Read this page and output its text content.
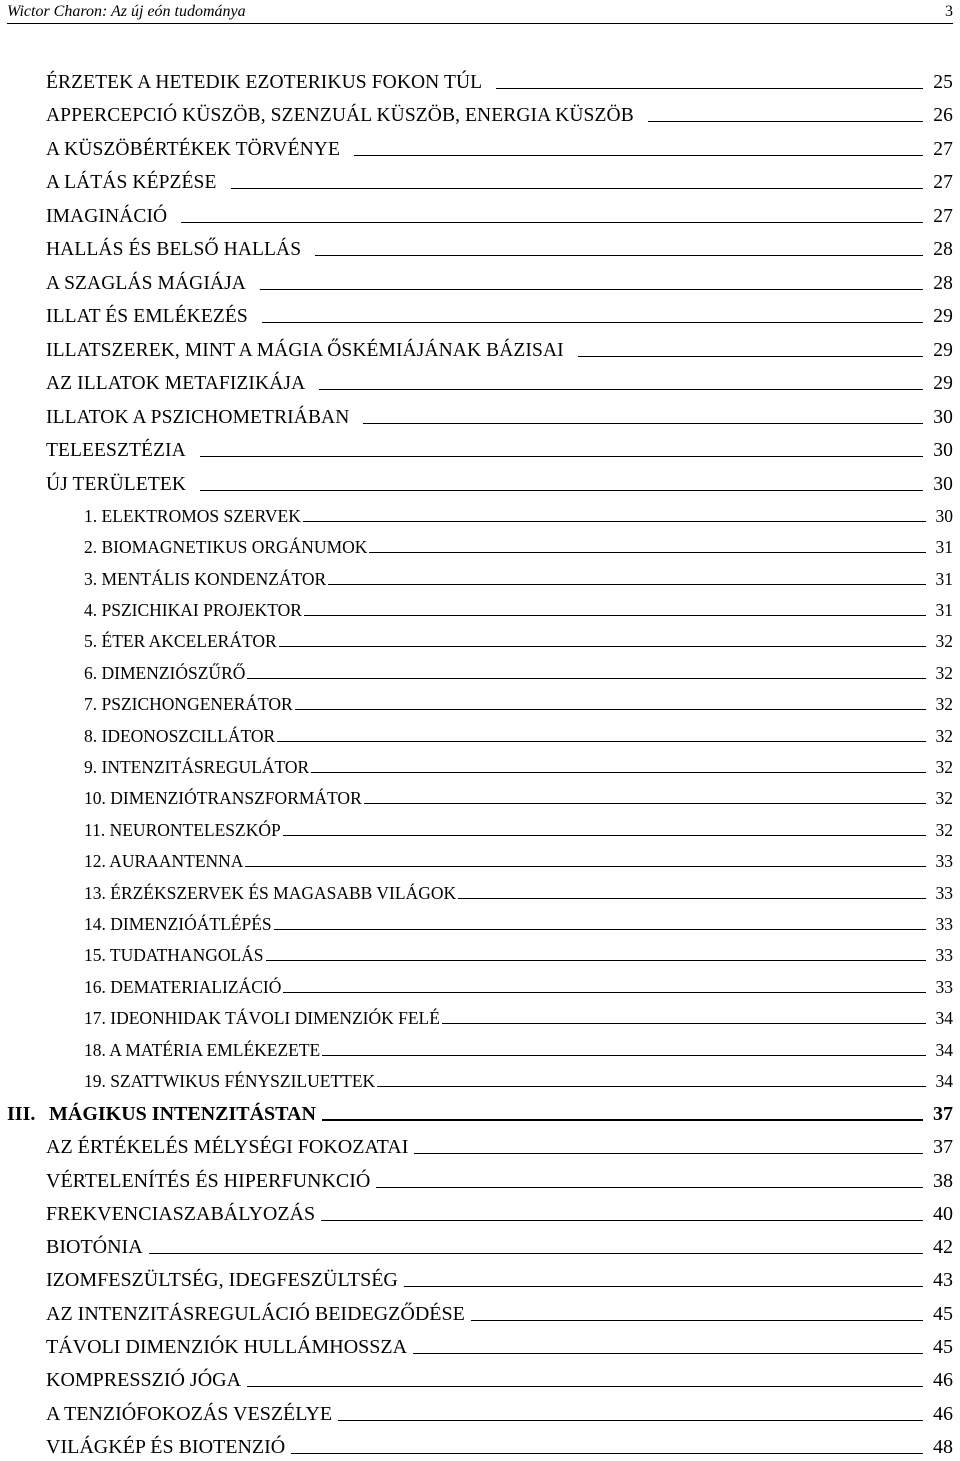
Wictor Charon: Az új eón tudománya	3
ÉRZETEK A HETEDIK EZOTERIKUS FOKON TÚL	25
APPERCEPCIÓ KÜSZÖB, SZENZUÁL KÜSZÖB, ENERGIA KÜSZÖB	26
A KÜSZÖBÉRTÉKEK TÖRVÉNYE	27
A LÁTÁS KÉPZÉSE	27
IMAGINÁCIÓ	27
HALLÁS ÉS BELSŐ HALLÁS	28
A SZAGLÁS MÁGIÁJA	28
ILLAT ÉS EMLÉKEZÉS	29
ILLATSZEREK, MINT A MÁGIA ŐSKÉMIÁJÁNAK BÁZISAI	29
AZ ILLATOK METAFIZIKÁJA	29
ILLATOK A PSZICHOMETRIÁBAN	30
TELEESZTÉZIA	30
ÚJ TERÜLETEK	30
1. ELEKTROMOS SZERVEK	30
2. BIOMAGNETIKUS ORGÁNUMOK	31
3. MENTÁLIS KONDENZÁTOR	31
4. PSZICHIKAI PROJEKTOR	31
5. ÉTER AKCELERÁTOR	32
6. DIMENZIÓSZŰRŐ	32
7. PSZICHONGENERÁTOR	32
8. IDEONOSZCILLÁTOR	32
9. INTENZITÁSREGULÁTOR	32
10. DIMENZIÓTRANSZFORMÁTOR	32
11. NEURONTELESZKÓP	32
12. AURAANTENNA	33
13. ÉRZÉKSZERVEK ÉS MAGASABB VILÁGOK	33
14. DIMENZIÓÁTLÉPÉS	33
15. TUDATHANGOLÁS	33
16. DEMATERIALIZÁCIÓ	33
17. IDEONHIDAK TÁVOLI DIMENZIÓK FELÉ	34
18. A MATÉRIA EMLÉKEZETE	34
19. SZATTWIKUS FÉNYSZILUETTEK	34
III. MÁGIKUS INTENZITÁSTAN	37
AZ ÉRTÉKELÉS MÉLYSÉGI FOKOZATAI	37
VÉRTELENÍTÉS ÉS HIPERFUNKCIÓ	38
FREKVENCIASZABÁLYOZÁS	40
BIOTÓNIA	42
IZOMFESZÜLTSÉG, IDEGFESZÜLTSÉG	43
AZ INTENZITÁSREGULÁCIÓ BEIDEGZŐDÉSE	45
TÁVOLI DIMENZIÓK HULLÁMHOSSZA	45
KOMPRESSZIÓ JÓGA	46
A TENZIÓFOKOZÁS VESZÉLYE	46
VILÁGKÉP ÉS BIOTENZIÓ	48
